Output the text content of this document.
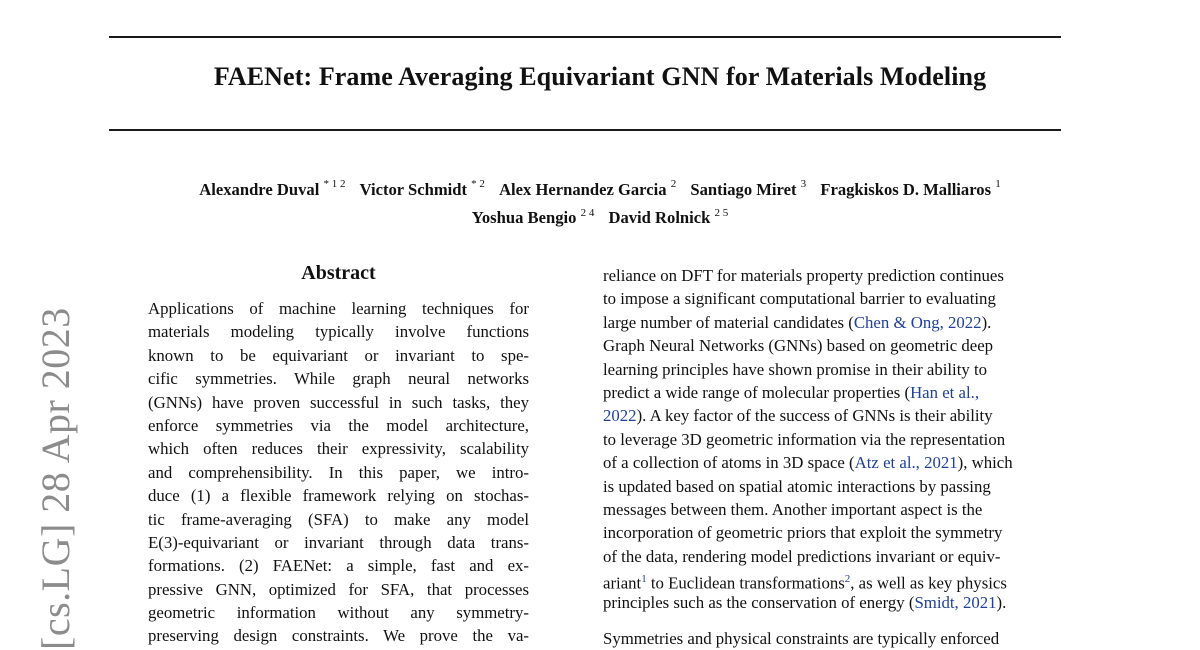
FAENet: Frame Averaging Equivariant GNN for Materials Modeling
Alexandre Duval $^{* 1 2}$ Victor Schmidt $^{* 2}$ Alex Hernandez Garcia $^2$ Santiago Miret $^3$ Fragkiskos D. Malliaros $^1$
Yoshua Bengio $^{2 4}$ David Rolnick $^{2 5}$
[cs.LG] 28 Apr 2023
Abstract
Applications of machine learning techniques for
materials modeling typically involve functions
known to be equivariant or invariant to spe-
cific symmetries. While graph neural networks
(GNNs) have proven successful in such tasks, they
enforce symmetries via the model architecture,
which often reduces their expressivity, scalability
and comprehensibility. In this paper, we intro-
duce (1) a flexible framework relying on stochas-
tic frame-averaging (SFA) to make any model
E(3)-equivariant or invariant through data trans-
formations. (2) FAENet: a simple, fast and ex-
pressive GNN, optimized for SFA, that processes
geometric information without any symmetry-
preserving design constraints. We prove the va-
reliance on DFT for materials property prediction continues
to impose a significant computational barrier to evaluating
large number of material candidates (Chen & Ong, 2022).
Graph Neural Networks (GNNs) based on geometric deep
learning principles have shown promise in their ability to
predict a wide range of molecular properties (Han et al.,
2022). A key factor of the success of GNNs is their ability
to leverage 3D geometric information via the representation
of a collection of atoms in 3D space (Atz et al., 2021), which
is updated based on spatial atomic interactions by passing
messages between them. Another important aspect is the
incorporation of geometric priors that exploit the symmetry
of the data, rendering model predictions invariant or equiv-
ariant$^1$ to Euclidean transformations$^2$, as well as key physics
principles such as the conservation of energy (Smidt, 2021).
Symmetries and physical constraints are typically enforced
